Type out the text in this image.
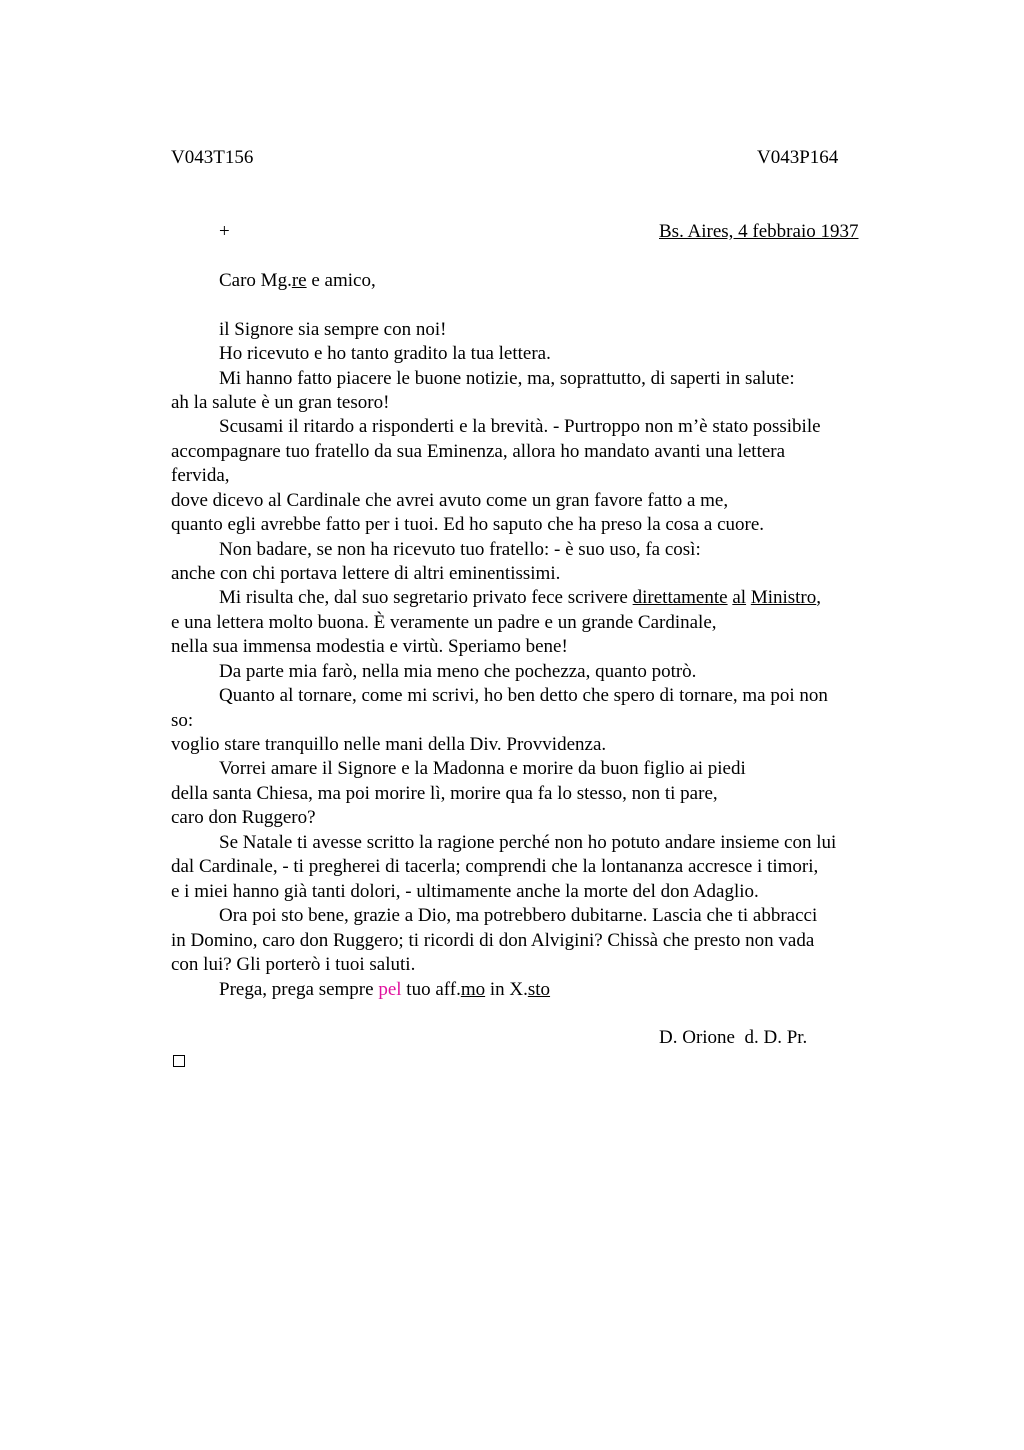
V043T156	V043P164
+	Bs. Aires, 4 febbraio 1937
Caro Mg.re e amico,
il Signore sia sempre con noi!
Ho ricevuto e ho tanto gradito la tua lettera.
Mi hanno fatto piacere le buone notizie, ma, soprattutto, di saperti in salute:
ah la salute è un gran tesoro!
Scusami il ritardo a risponderti e la brevità. - Purtroppo non m’è stato possibile
accompagnare tuo fratello da sua Eminenza, allora ho mandato avanti una lettera
fervida,
dove dicevo al Cardinale che avrei avuto come un gran favore fatto a me,
quanto egli avrebbe fatto per i tuoi. Ed ho saputo che ha preso la cosa a cuore.
Non badare, se non ha ricevuto tuo fratello: - è suo uso, fa così:
anche con chi portava lettere di altri eminentissimi.
Mi risulta che, dal suo segretario privato fece scrivere direttamente al Ministro,
e una lettera molto buona. È veramente un padre e un grande Cardinale,
nella sua immensa modestia e virtù. Speriamo bene!
Da parte mia farò, nella mia meno che pochezza, quanto potrò.
Quanto al tornare, come mi scrivi, ho ben detto che spero di tornare, ma poi non
so:
voglio stare tranquillo nelle mani della Div. Provvidenza.
Vorrei amare il Signore e la Madonna e morire da buon figlio ai piedi
della santa Chiesa, ma poi morire lì, morire qua fa lo stesso, non ti pare,
caro don Ruggero?
Se Natale ti avesse scritto la ragione perché non ho potuto andare insieme con lui
dal Cardinale, - ti pregherei di tacerla; comprendi che la lontananza accresce i timori,
e i miei hanno già tanti dolori, - ultimamente anche la morte del don Adaglio.
Ora poi sto bene, grazie a Dio, ma potrebbero dubitarne. Lascia che ti abbracci
in Domino, caro don Ruggero; ti ricordi di don Alvigini? Chissà che presto non vada
con lui? Gli porterò i tuoi saluti.
Prega, prega sempre pel tuo aff.mo in X.sto
D. Orione  d. D. Pr.
